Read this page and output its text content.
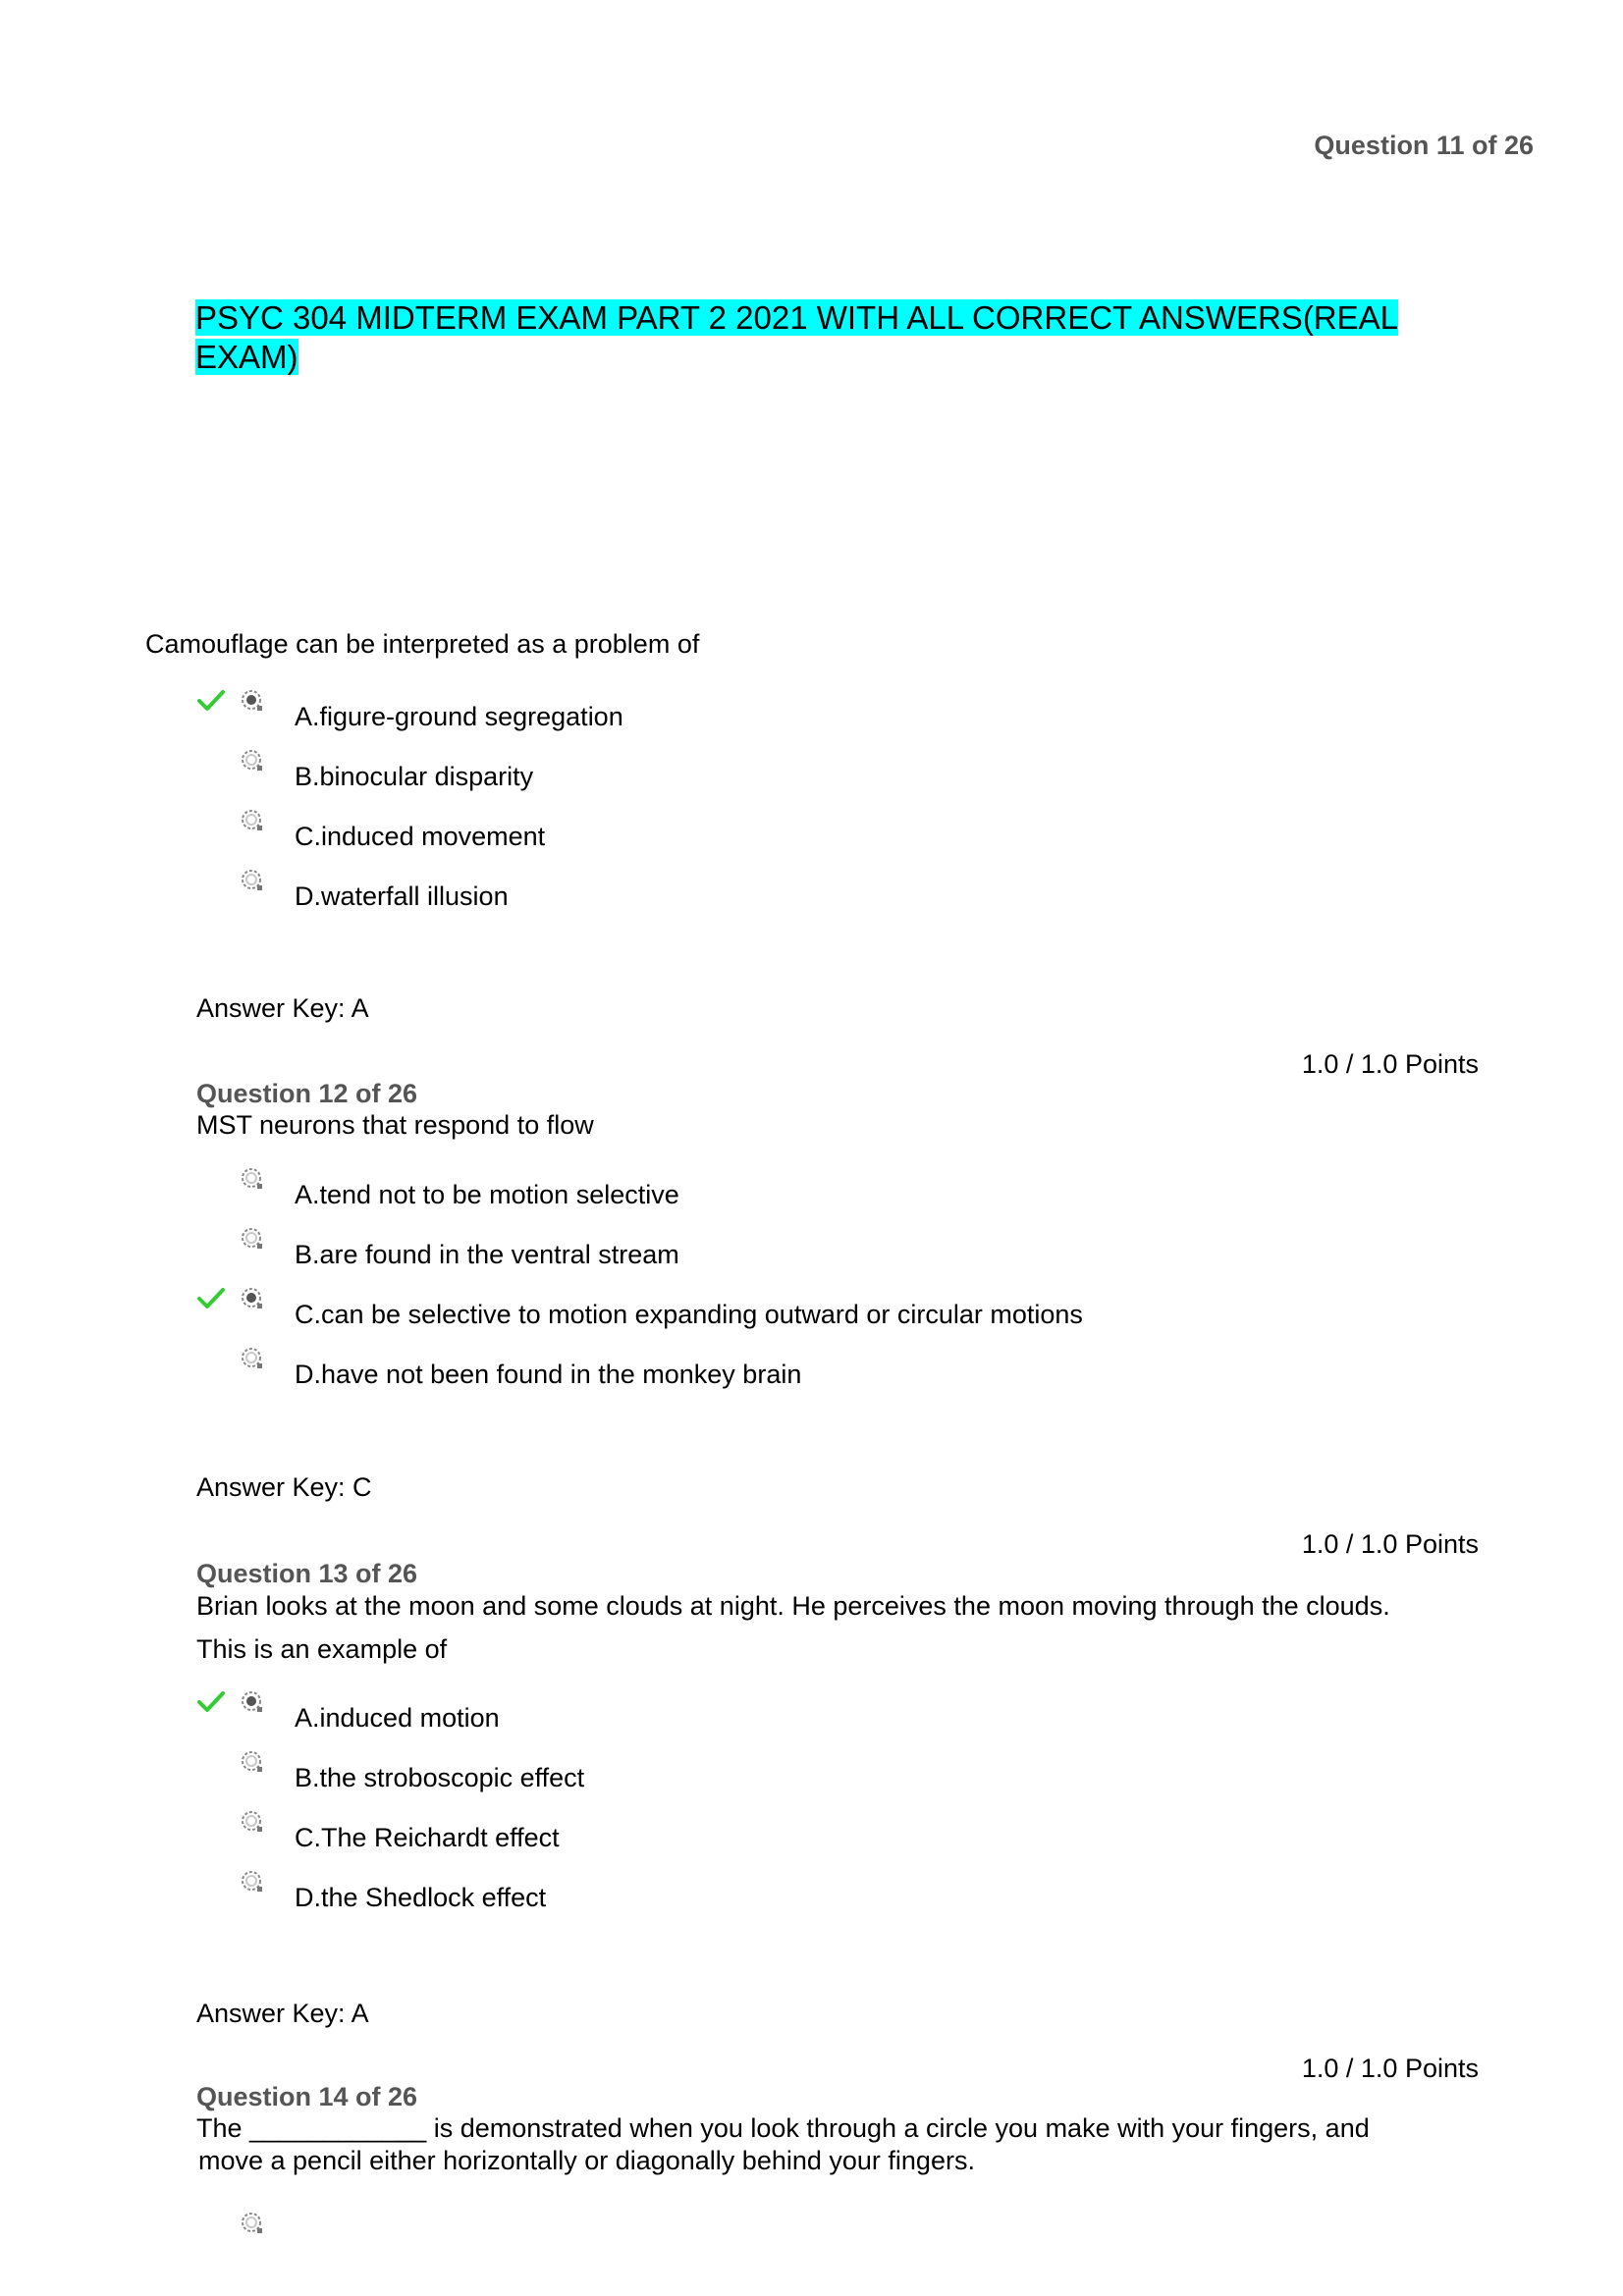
Question 11 of 26
PSYC 304 MIDTERM EXAM PART 2 2021 WITH ALL CORRECT ANSWERS(REAL EXAM)
Camouflage can be interpreted as a problem of
A.figure-ground segregation
B.binocular disparity
C.induced movement
D.waterfall illusion
Answer Key: A
1.0 / 1.0 Points
Question 12 of 26
MST neurons that respond to flow
A.tend not to be motion selective
B.are found in the ventral stream
C.can be selective to motion expanding outward or circular motions
D.have not been found in the monkey brain
Answer Key: C
1.0 / 1.0 Points
Question 13 of 26
Brian looks at the moon and some clouds at night. He perceives the moon moving through the clouds.
This is an example of
A.induced motion
B.the stroboscopic effect
C.The Reichardt effect
D.the Shedlock effect
Answer Key: A
1.0 / 1.0 Points
Question 14 of 26
The ____________ is demonstrated when you look through a circle you make with your fingers, and
move a pencil either horizontally or diagonally behind your fingers.
